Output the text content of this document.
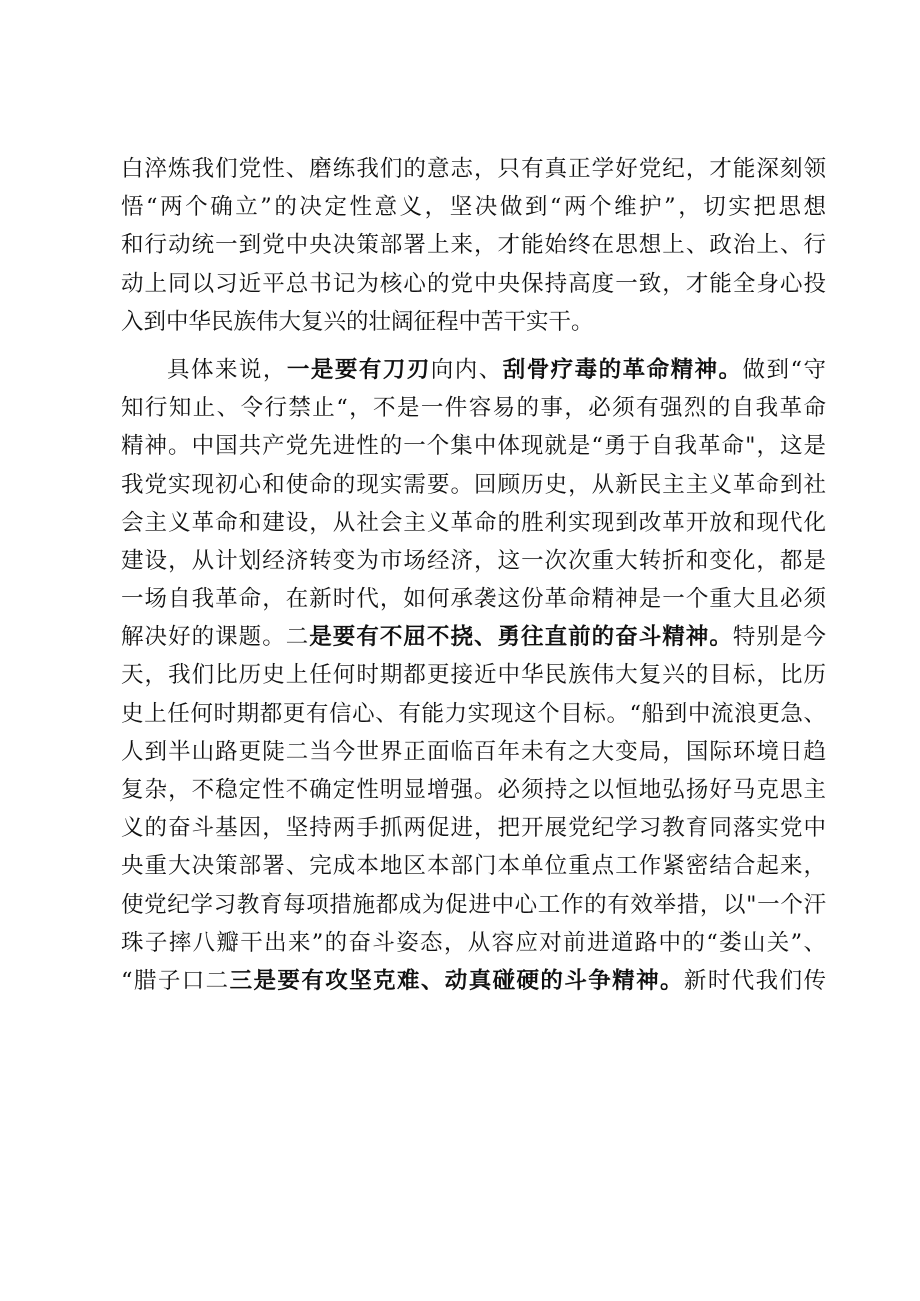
白淬炼我们党性、磨练我们的意志，只有真正学好党纪，才能深刻领
悟“两个确立”的决定性意义，坚决做到“两个维护”，切实把思想
和行动统一到党中央决策部署上来，才能始终在思想上、政治上、行
动上同以习近平总书记为核心的党中央保持高度一致，才能全身心投
入到中华民族伟大复兴的壮阔征程中苦干实干。
具体来说，一是要有刀刃向内、刮骨疗毒的革命精神。做到“守
知行知止、令行禁止“，不是一件容易的事，必须有强烈的自我革命
精神。中国共产党先进性的一个集中体现就是“勇于自我革命"，这是
我党实现初心和使命的现实需要。回顾历史，从新民主主义革命到社
会主义革命和建设，从社会主义革命的胜利实现到改革开放和现代化
建设，从计划经济转变为市场经济，这一次次重大转折和变化，都是
一场自我革命，在新时代，如何承袭这份革命精神是一个重大且必须
解决好的课题。二是要有不屈不挠、勇往直前的奋斗精神。特别是今
天，我们比历史上任何时期都更接近中华民族伟大复兴的目标，比历
史上任何时期都更有信心、有能力实现这个目标。“船到中流浪更急、
人到半山路更陡二当今世界正面临百年未有之大变局，国际环境日趋
复杂，不稳定性不确定性明显增强。必须持之以恒地弘扬好马克思主
义的奋斗基因，坚持两手抓两促进，把开展党纪学习教育同落实党中
央重大决策部署、完成本地区本部门本单位重点工作紧密结合起来，
使党纪学习教育每项措施都成为促进中心工作的有效举措，以"一个汗
珠子摔八瓣干出来”的奋斗姿态，从容应对前进道路中的“娄山关”、
“腊子口二三是要有攻坚克难、动真碰硬的斗争精神。新时代我们传
